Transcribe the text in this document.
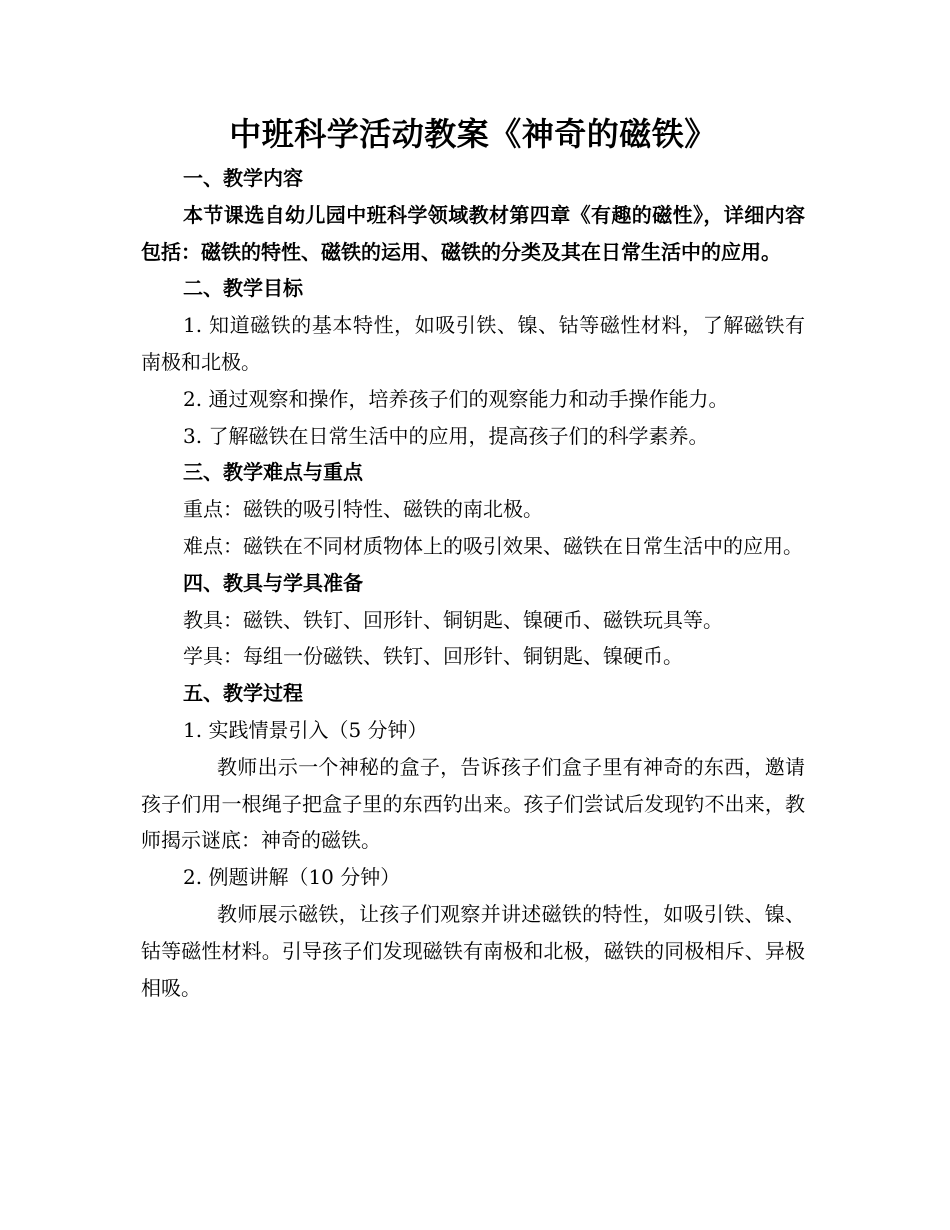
中班科学活动教案《神奇的磁铁》

一、教学内容

本节课选自幼儿园中班科学领域教材第四章《有趣的磁性》，详细内容包括：磁铁的特性、磁铁的运用、磁铁的分类及其在日常生活中的应用。

二、教学目标

1. 知道磁铁的基本特性，如吸引铁、镍、钴等磁性材料，了解磁铁有南极和北极。

2. 通过观察和操作，培养孩子们的观察能力和动手操作能力。

3. 了解磁铁在日常生活中的应用，提高孩子们的科学素养。

三、教学难点与重点

重点：磁铁的吸引特性、磁铁的南北极。

难点：磁铁在不同材质物体上的吸引效果、磁铁在日常生活中的应用。

四、教具与学具准备

教具：磁铁、铁钉、回形针、铜钥匙、镍硬币、磁铁玩具等。

学具：每组一份磁铁、铁钉、回形针、铜钥匙、镍硬币。

五、教学过程

1. 实践情景引入（5 分钟）

教师出示一个神秘的盒子，告诉孩子们盒子里有神奇的东西，邀请孩子们用一根绳子把盒子里的东西钓出来。孩子们尝试后发现钓不出来，教师揭示谜底：神奇的磁铁。

2. 例题讲解（10 分钟）

教师展示磁铁，让孩子们观察并讲述磁铁的特性，如吸引铁、镍、钴等磁性材料。引导孩子们发现磁铁有南极和北极，磁铁的同极相斥、异极相吸。
